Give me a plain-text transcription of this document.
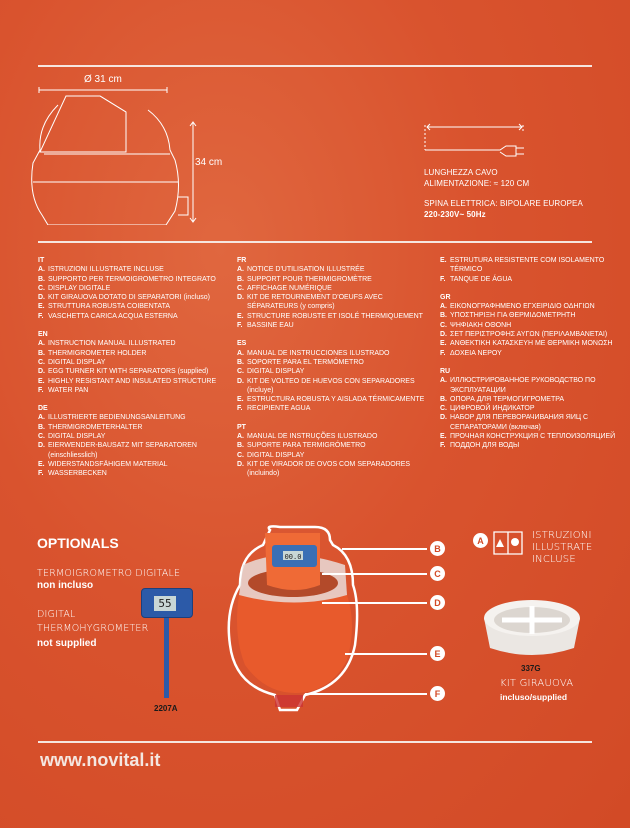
Ø 31 cm
34 cm
LUNGHEZZA CAVO
ALIMENTAZIONE: ≈ 120 CM
SPINA ELETTRICA: BIPOLARE EUROPEA
220-230V~ 50Hz
IT
A. ISTRUZIONI ILLUSTRATE INCLUSE
B. SUPPORTO PER TERMOIGROMETRO INTEGRATO
C. DISPLAY DIGITALE
D. KIT GIRAUOVA DOTATO DI SEPARATORI (incluso)
E. STRUTTURA ROBUSTA COIBENTATA
F. VASCHETTA CARICA ACQUA ESTERNA
EN
A. INSTRUCTION MANUAL ILLUSTRATED
B. THERMIGROMETER HOLDER
C. DIGITAL DISPLAY
D. EGG TURNER KIT WITH SEPARATORS (supplied)
E. HIGHLY RESISTANT AND INSULATED STRUCTURE
F. WATER PAN
DE
A. ILLUSTRIERTE BEDIENUNGSANLEITUNG
B. THERMIGROMETERHALTER
C. DIGITAL DISPLAY
D. EIERWENDER-BAUSATZ MIT SEPARATOREN (einschliesslich)
E. WIDERSTANDSFÄHIGEM MATERIAL
F. WASSERBECKEN
FR
A. NOTICE D'UTILISATION ILLUSTRÉE
B. SUPPORT POUR THERMIGROMÈTRE
C. AFFICHAGE NUMÉRIQUE
D. KIT DE RETOURNEMENT D'OEUFS AVEC SÉPARATEURS (y compris)
E. STRUCTURE ROBUSTE ET ISOLÉ THERMIQUEMENT
F. BASSINE EAU
ES
A. MANUAL DE INSTRUCCIONES ILUSTRADO
B. SOPORTE PARA EL TERMÓMETRO
C. DIGITAL DISPLAY
D. KIT DE VOLTEO DE HUEVOS CON SEPARADORES (incluye)
E. ESTRUCTURA ROBUSTA Y AISLADA TÉRMICAMENTE
F. RECIPIENTE AGUA
PT
A. MANUAL DE INSTRUÇÕES ILUSTRADO
B. SUPORTE PARA TERMIGRÓMETRO
C. DIGITAL DISPLAY
D. KIT DE VIRADOR DE OVOS COM SEPARADORES (incluindo)
E. ESTRUTURA RESISTENTE COM ISOLAMENTO TÉRMICO
F. TANQUE DE ÁGUA
GR
A. ΕΙΚΟΝΟΓΡΑΦΗΜΕΝΟ ΕΓΧΕΙΡΙΔΙΟ ΟΔΗΓΙΩΝ
B. ΥΠΟΣΤΗΡΙΞΗ ΓΙΑ ΘΕΡΜΙΔΟΜΕΤΡΗΤΗ
C. ΨΗΦΙΑΚΗ ΟΘΟΝΗ
D. ΣΕΤ ΠΕΡΙΣΤΡΟΦΗΣ ΑΥΓΩΝ (ΠΕΡΙΛΑΜΒΑΝΕΤΑΙ)
E. ΑΝΘΕΚΤΙΚΗ ΚΑΤΑΣΚΕΥΗ ΜΕ ΘΕΡΜΙΚΗ ΜΟΝΩΣΗ
F. ΔΟΧΕΙΑ ΝΕΡΟΥ
RU
A. ИЛЛЮСТРИРОВАННОЕ РУКОВОДСТВО ПО ЭКСПЛУАТАЦИИ
B. ОПОРА ДЛЯ ТЕРМОГИГРОМЕТРА
C. ЦИФРОВОЙ ИНДИКАТОР
D. НАБОР ДЛЯ ПЕРЕВОРАЧИВАНИЯ ЯИЦ С СЕПАРАТОРАМИ (включая)
E. ПРОЧНАЯ КОНСТРУКЦИЯ С ТЕПЛОИЗОЛЯЦИЕЙ
F. ПОДДОН ДЛЯ ВОДЫ
OPTIONALS
TERMOIGROMETRO DIGITALE
non incluso
DIGITAL
THERMOHYGROMETER
not supplied
55
2207A
00.0
B
C
D
E
F
A	ISTRUZIONI
ILLUSTRATE
INCLUSE
337G
KIT GIRAUOVA
incluso/supplied
www.novital.it
